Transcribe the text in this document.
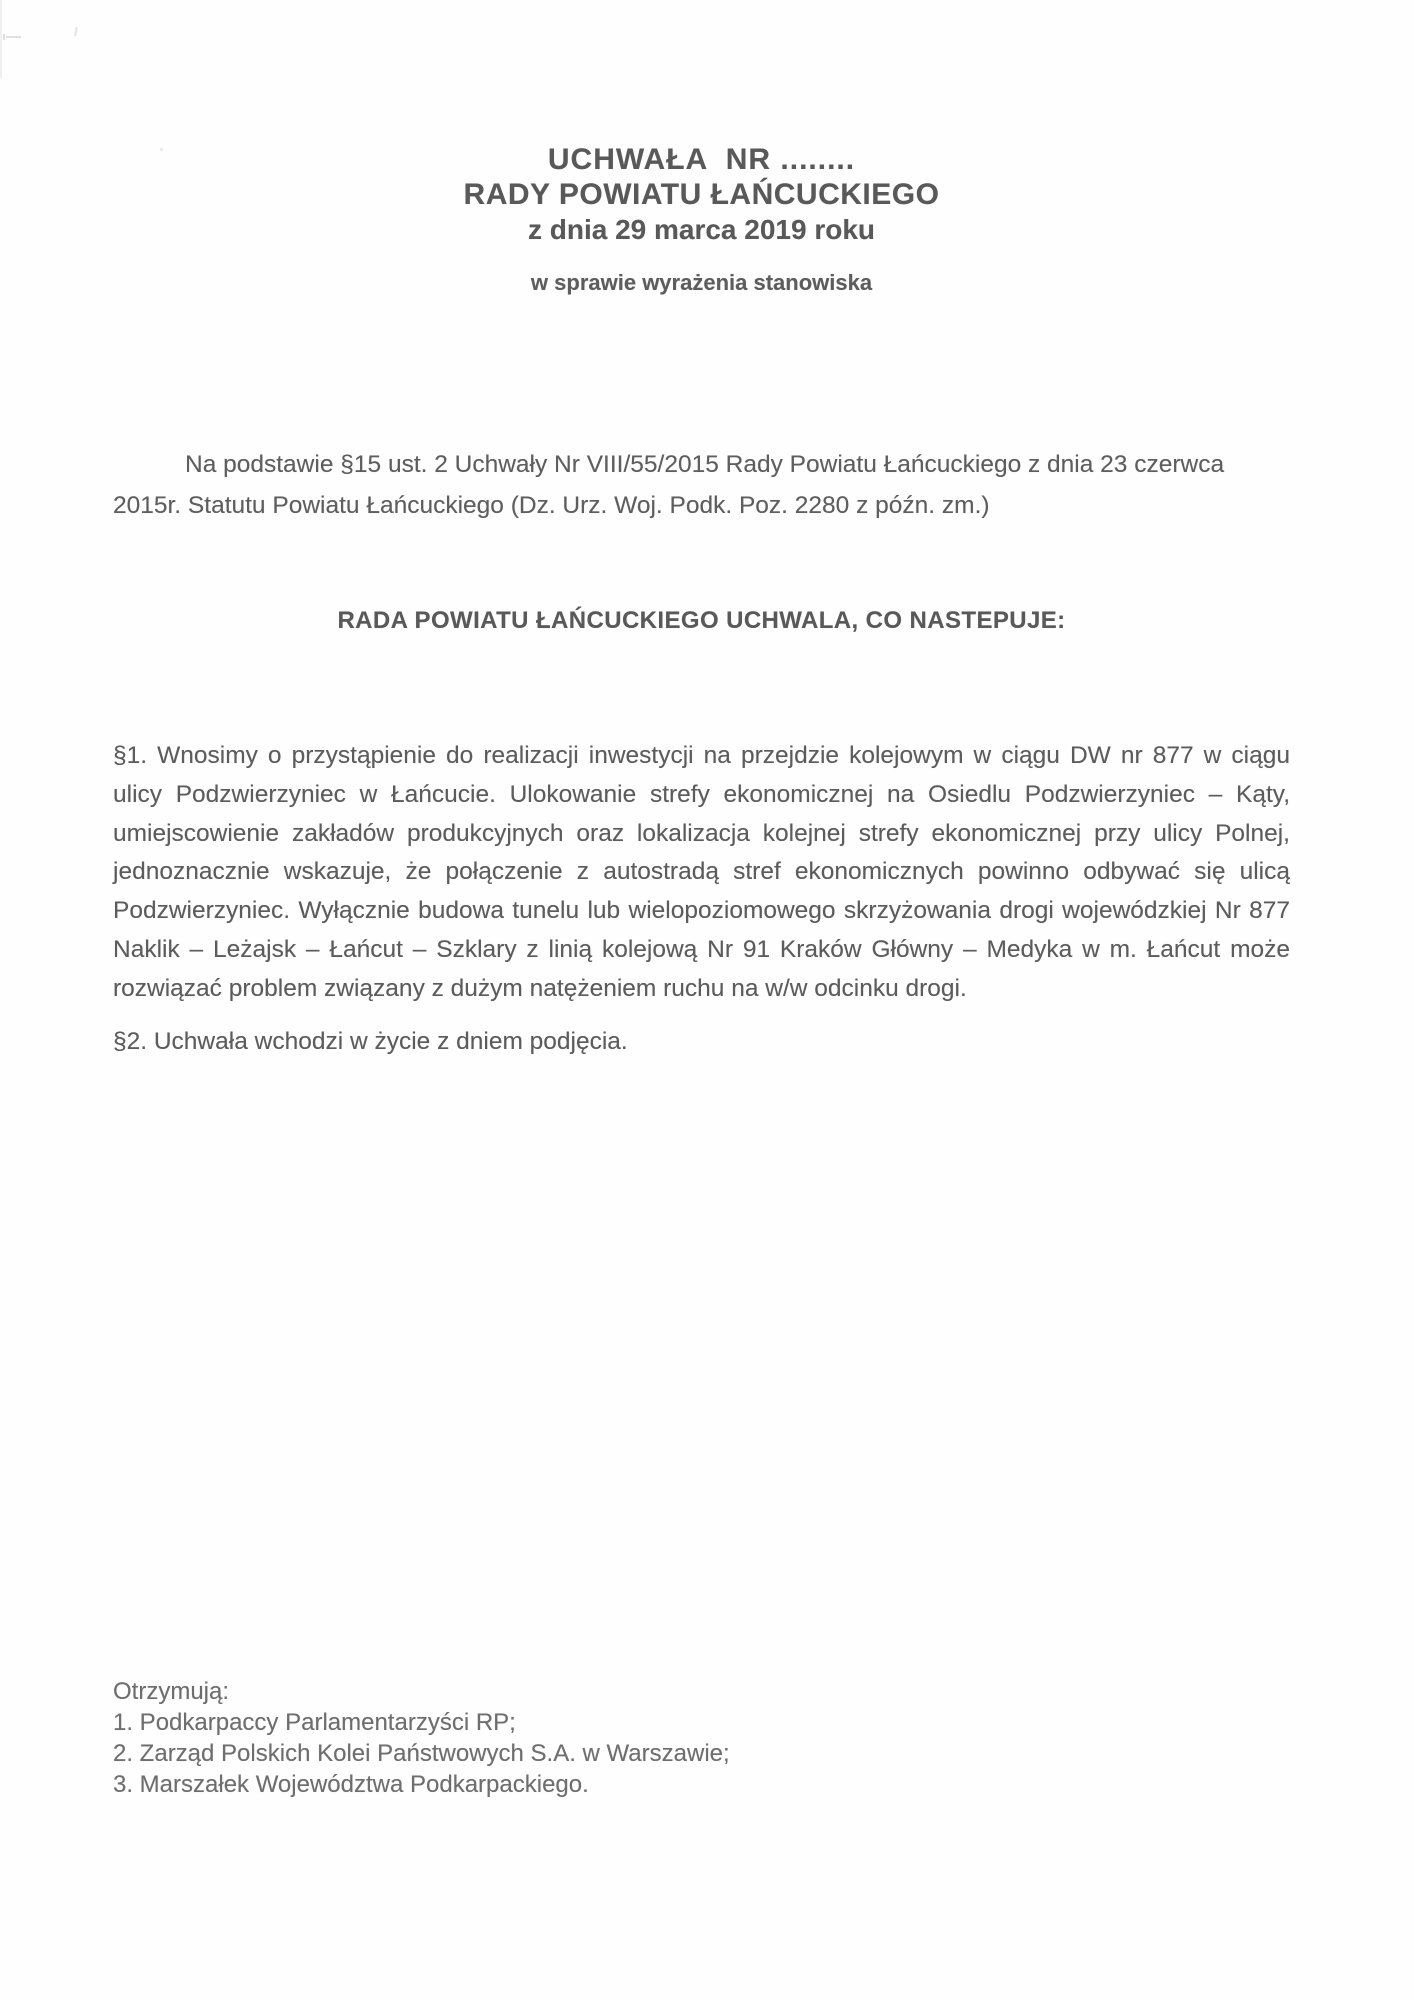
UCHWAŁA  NR ........
RADY POWIATU ŁAŃCUCKIEGO
z dnia 29 marca 2019 roku
w sprawie wyrażenia stanowiska

Na podstawie §15 ust. 2 Uchwały Nr VIII/55/2015 Rady Powiatu Łańcuckiego z dnia 23 czerwca 2015r. Statutu Powiatu Łańcuckiego (Dz. Urz. Woj. Podk. Poz. 2280 z późn. zm.)

RADA POWIATU ŁAŃCUCKIEGO UCHWALA, CO NASTEPUJE:

§1. Wnosimy o przystąpienie do realizacji inwestycji na przejdzie kolejowym w ciągu DW nr 877 w ciągu ulicy Podzwierzyniec w Łańcucie. Ulokowanie strefy ekonomicznej na Osiedlu Podzwierzyniec – Kąty, umiejscowienie zakładów produkcyjnych oraz lokalizacja kolejnej strefy ekonomicznej przy ulicy Polnej, jednoznacznie wskazuje, że połączenie z autostradą stref ekonomicznych powinno odbywać się ulicą Podzwierzyniec. Wyłącznie budowa tunelu lub wielopoziomowego skrzyżowania drogi wojewódzkiej Nr 877 Naklik – Leżajsk – Łańcut – Szklary z linią kolejową Nr 91 Kraków Główny – Medyka w m. Łańcut może rozwiązać problem związany z dużym natężeniem ruchu na w/w odcinku drogi.

§2. Uchwała wchodzi w życie z dniem podjęcia.

Otrzymują:
1. Podkarpaccy Parlamentarzyści RP;
2. Zarząd Polskich Kolei Państwowych S.A. w Warszawie;
3. Marszałek Województwa Podkarpackiego.
